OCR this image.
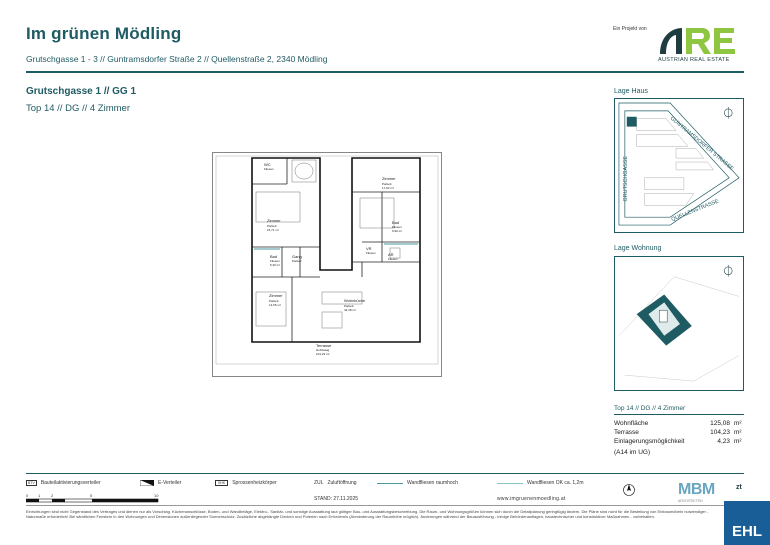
Im grünen Mödling
Grutschgasse 1 - 3 // Guntramsdorfer Straße 2 // Quellenstraße 2, 2340 Mödling
Ein Projekt von
AUSTRIAN REAL ESTATE
Grutschgasse 1 // GG 1
Top 14 // DG // 4 Zimmer
Zimmer
Parkett
15,71 m²
Zimmer
Parkett
17,92 m²
Zimmer
Parkett
13,65 m²
Wohnküche
Parkett
43,48 m²
Bad
Fliesen
6,90 m²
Bad
Fliesen
5,30 m²
Gang
Parkett
Terrasse
Holzbelag
104,23 m²
AR
Fliesen
WC
Fliesen
VR
Fliesen
Lage Haus
GUNTRAMSDORFER STRASSE
GRUTSCHGASSE
QUELLENSTRASSE
Lage Wohnung
Top 14 // DG // 4 Zimmer
Wohnfläche	125,08	m²
Terrasse	104,23	m²
Einlagerungsmöglichkeit	4,23	m²
(A14 im UG)
BTV	Bauteilaktivierungsverteiler	E-Verteiler	SHK	Sprossenheizkörper	ZUL Zuluftöffnung	Wandfliesen raumhoch	Wandfliesen OK ca. 1,2m
0 1	2	5	10
STAND: 27.11.2025	www.imgruenenmoedling.at
MBM	zt
ARCHITEKTEN
Einrichtungen sind nicht Gegenstand des Vertrages und dienen nur als Vorschlag. Küchenanschlüsse, Boden- und Wandbeläge, Elektro-, Sanitär- und sonstige Ausstattung laut gültiger Bau- und Ausstattungsbeschreibung. Die Raum- und Wohnungsgrößen können sich durch die Detailplanung geringfügig ändern. Die Pläne sind nicht für die Bestellung von Einbaumöbeln notwendiger - Naturmaße erforderlich! Bei sämtlichen Fenstern in den Wohnungen und Dimensionen außenliegender Sonnenschutz. Zusätzliche abgehängte Decken und Poterien nach Erfordernis (Abminderung der Raumhöhe möglich). Änderungen während der Bauausführung - infolge Behördenauflagen, haustechnischer und konstruktiver Maßnahmen - vorbehalten.
EHL
